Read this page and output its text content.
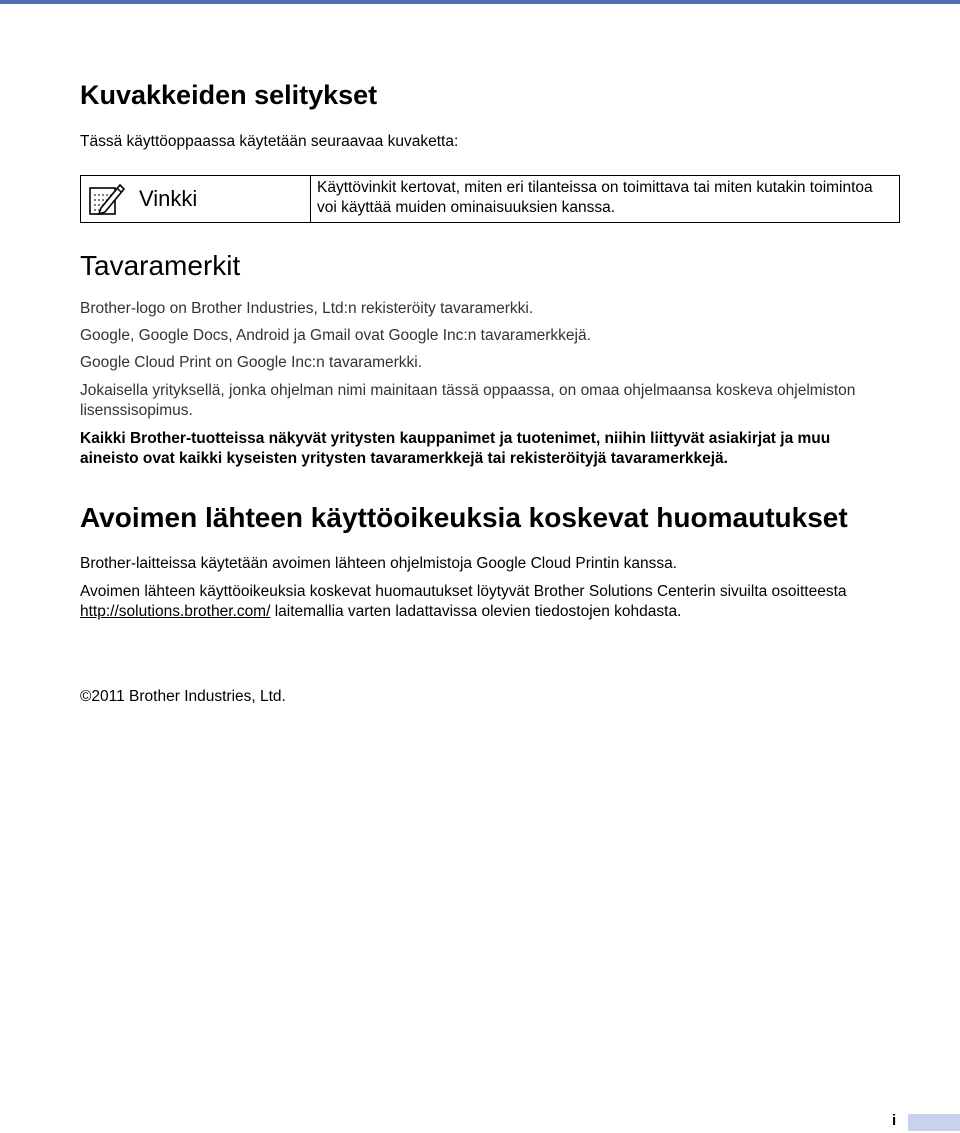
Kuvakkeiden selitykset

Tässä käyttöoppaassa käytetään seuraavaa kuvaketta:

Vinkki	Käyttövinkit kertovat, miten eri tilanteissa on toimittava tai miten kutakin toimintoa voi käyttää muiden ominaisuuksien kanssa.
Tavaramerkit

Brother-logo on Brother Industries, Ltd:n rekisteröity tavaramerkki.

Google, Google Docs, Android ja Gmail ovat Google Inc:n tavaramerkkejä.

Google Cloud Print on Google Inc:n tavaramerkki.

Jokaisella yrityksellä, jonka ohjelman nimi mainitaan tässä oppaassa, on omaa ohjelmaansa koskeva ohjelmiston lisenssisopimus.

Kaikki Brother-tuotteissa näkyvät yritysten kauppanimet ja tuotenimet, niihin liittyvät asiakirjat ja muu aineisto ovat kaikki kyseisten yritysten tavaramerkkejä tai rekisteröityjä tavaramerkkejä.

Avoimen lähteen käyttöoikeuksia koskevat huomautukset

Brother-laitteissa käytetään avoimen lähteen ohjelmistoja Google Cloud Printin kanssa.

Avoimen lähteen käyttöoikeuksia koskevat huomautukset löytyvät Brother Solutions Centerin sivuilta osoitteesta http://solutions.brother.com/ laitemallia varten ladattavissa olevien tiedostojen kohdasta.

©2011 Brother Industries, Ltd.

i
